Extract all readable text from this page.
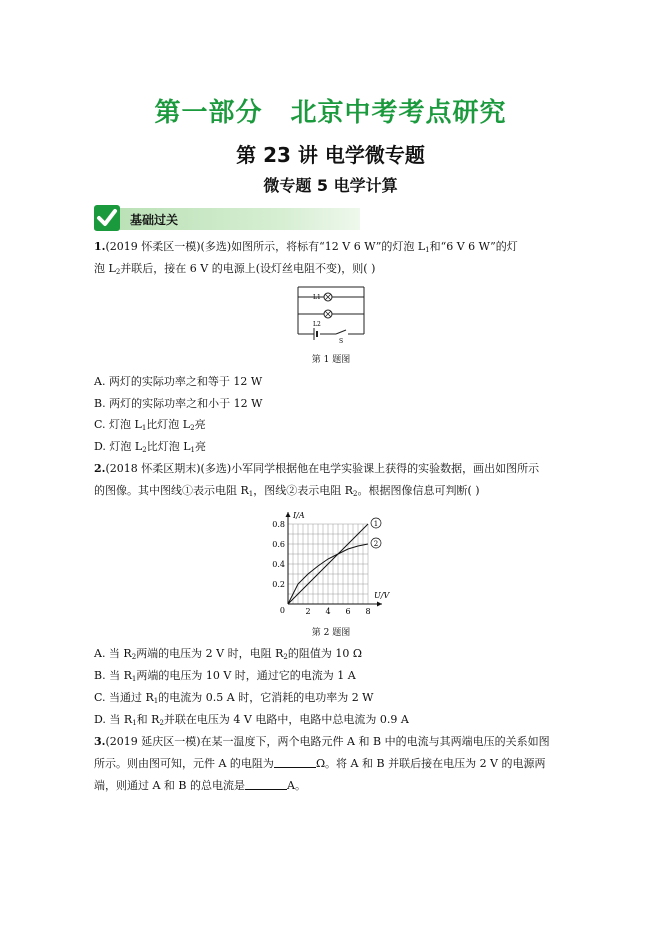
第一部分 北京中考考点研究
第 23 讲 电学微专题
微专题 5 电学计算
基础过关
1.(2019 怀柔区一模)(多选)如图所示，将标有“12 V 6 W”的灯泡 $L_1$和“6 V 6 W”的灯
泡 $L_2$并联后，接在 6 V 的电源上(设灯丝电阻不变)，则( )
L1
L2
S
第 1 题图
A. 两灯的实际功率之和等于 12 W
B. 两灯的实际功率之和小于 12 W
C. 灯泡 $L_1$比灯泡 $L_2$亮
D. 灯泡 $L_2$比灯泡 $L_1$亮
2.(2018 怀柔区期末)(多选)小军同学根据他在电学实验课上获得的实验数据，画出如图所示
的图像。其中图线①表示电阻 $R_1$，图线②表示电阻 $R_2$。根据图像信息可判断( )
2 4 6 8
0.2
0.4
0.6
0.8
0
U/V
I/A
1
2
第 2 题图
A. 当 $R_2$两端的电压为 2 V 时，电阻 $R_2$的阻值为 10 Ω
B. 当 $R_1$两端的电压为 10 V 时，通过它的电流为 1 A
C. 当通过 $R_1$的电流为 0.5 A 时，它消耗的电功率为 2 W
D. 当 $R_1$和 $R_2$并联在电压为 4 V 电路中，电路中总电流为 0.9 A
3.(2019 延庆区一模)在某一温度下，两个电路元件 A 和 B 中的电流与其两端电压的关系如图
所示。则由图可知，元件 A 的电阻为	Ω。将 A 和 B 并联后接在电压为 2 V 的电源两
端，则通过 A 和 B 的总电流是	A。
